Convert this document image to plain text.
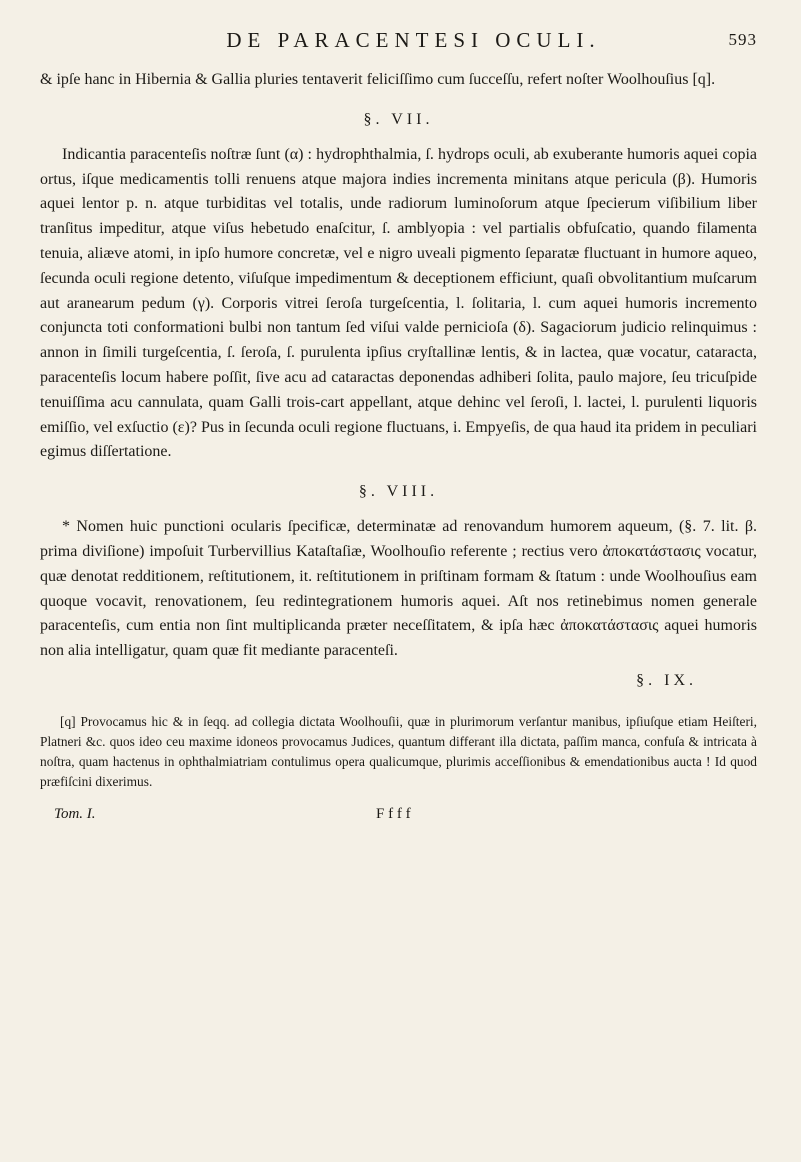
DE PARACENTESI OCULI.	593

& ipſe hanc in Hibernia & Gallia pluries tentaverit feliciſſimo cum ſucceſſu, refert noſter Woolhouſius [q].

§. VII.

Indicantia paracenteſis noſtræ ſunt (α) : hydrophthalmia, ſ. hydrops oculi, ab exuberante humoris aquei copia ortus, iſque medicamentis tolli renuens atque majora indies incrementa minitans atque pericula (β). Humoris aquei lentor p. n. atque turbiditas vel totalis, unde radiorum luminoſorum atque ſpecierum viſibilium liber tranſitus impeditur, atque viſus hebetudo enaſcitur, ſ. amblyopia : vel partialis obfuſcatio, quando filamenta tenuia, aliæve atomi, in ipſo humore concretæ, vel e nigro uveali pigmento ſeparatæ fluctuant in humore aqueo, ſecunda oculi regione detento, viſuſque impedimentum & deceptionem efficiunt, quaſi obvolitantium muſcarum aut aranearum pedum (γ). Corporis vitrei ſeroſa turgeſcentia, l. ſolitaria, l. cum aquei humoris incremento conjuncta toti conformationi bulbi non tantum ſed viſui valde pernicioſa (δ). Sagaciorum judicio relinquimus : annon in ſimili turgeſcentia, ſ. ſeroſa, ſ. purulenta ipſius cryſtallinæ lentis, & in lactea, quæ vocatur, cataracta, paracenteſis locum habere poſſit, ſive acu ad cataractas deponendas adhiberi ſolita, paulo majore, ſeu tricuſpide tenuiſſima acu cannulata, quam Galli trois-cart appellant, atque dehinc vel ſeroſi, l. lactei, l. purulenti liquoris emiſſio, vel exſuctio (ε)? Pus in ſecunda oculi regione fluctuans, i. Empyeſis, de qua haud ita pridem in peculiari egimus diſſertatione.

§. VIII.

* Nomen huic punctioni ocularis ſpecificæ, determinatæ ad renovandum humorem aqueum, (§. 7. lit. β. prima diviſione) impoſuit Turbervillius Kataſtaſiæ, Woolhouſio referente ; rectius vero ἀποκατάστασις vocatur, quæ denotat redditionem, reſtitutionem, it. reſtitutionem in priſtinam formam & ſtatum : unde Woolhouſius eam quoque vocavit, renovationem, ſeu redintegrationem humoris aquei. Aſt nos retinebimus nomen generale paracenteſis, cum entia non ſint multiplicanda præter neceſſitatem, & ipſa hæc ἀποκατάστασις aquei humoris non alia intelligatur, quam quæ fit mediante paracenteſi.

§. IX.

[q] Provocamus hic & in ſeqq. ad collegia dictata Woolhouſii, quæ in plurimorum verſantur manibus, ipſiuſque etiam Heiſteri, Platneri &c. quos ideo ceu maxime idoneos provocamus Judices, quantum differant illa dictata, paſſim manca, confuſa & intricata à noſtra, quam hactenus in ophthalmiatriam contulimus opera qualicumque, plurimis acceſſionibus & emendationibus aucta ! Id quod præfiſcini dixerimus.

Tom. I.	F f f f
